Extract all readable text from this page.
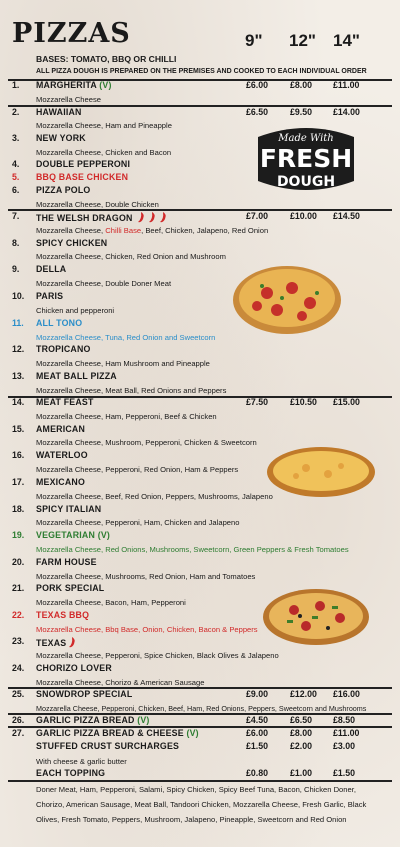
PIZZAS	9" 12" 14"
BASES: TOMATO, BBQ OR CHILLI
ALL PIZZA DOUGH IS PREPARED ON THE PREMISES AND COOKED TO EACH INDIVIDUAL ORDER
Made With
FRESH
DOUGH
1.	MARGHERITA (V)	£6.00 £8.00 £11.00
Mozzarella Cheese
2.	HAWAIIAN	£6.50 £9.50 £14.00
Mozzarella Cheese, Ham and Pineapple
3.	NEW YORK
Mozzarella Cheese, Chicken and Bacon
4.	DOUBLE PEPPERONI
5.	BBQ BASE CHICKEN
6.	PIZZA POLO
Mozzarella Cheese, Double Chicken
7.	THE WELSH DRAGON	£7.00 £10.00 £14.50
Mozzarella Cheese, Chilli Base, Beef, Chicken, Jalapeno, Red Onion
8.	SPICY CHICKEN
Mozzarella Cheese, Chicken, Red Onion and Mushroom
9.	DELLA
Mozzarella Cheese, Double Doner Meat
10.	PARIS
Chicken and pepperoni
11.	ALL TONO
Mozzarella Cheese, Tuna, Red Onion and Sweetcorn
12.	TROPICANO
Mozzarella Cheese, Ham Mushroom and Pineapple
13.	MEAT BALL PIZZA
Mozzarella Cheese, Meat Ball, Red Onions and Peppers
14.	MEAT FEAST	£7.50 £10.50 £15.00
Mozzarella Cheese, Ham, Pepperoni, Beef & Chicken
15.	AMERICAN
Mozzarella Cheese, Mushroom, Pepperoni, Chicken & Sweetcorn
16.	WATERLOO
Mozzarella Cheese, Pepperoni, Red Onion, Ham & Peppers
17.	MEXICANO
Mozzarella Cheese, Beef, Red Onion, Peppers, Mushrooms, Jalapeno
18.	SPICY ITALIAN
Mozzarella Cheese, Pepperoni, Ham, Chicken and Jalapeno
19.	VEGETARIAN (V)
Mozzarella Cheese, Red Onions, Mushrooms, Sweetcorn, Green Peppers & Fresh Tomatoes
20.	FARM HOUSE
Mozzarella Cheese, Mushrooms, Red Onion, Ham and Tomatoes
21.	PORK SPECIAL
Mozzarella Cheese, Bacon, Ham, Pepperoni
22.	TEXAS BBQ
Mozzarella Cheese, Bbq Base, Onion, Chicken, Bacon & Peppers
23.	TEXAS
Mozzarella Cheese, Pepperoni, Spice Chicken, Black Olives & Jalapeno
24.	CHORIZO LOVER
Mozzarella Cheese, Chorizo & American Sausage
25.	SNOWDROP SPECIAL	£9.00 £12.00 £16.00
Mozzarella Cheese, Pepperoni, Chicken, Beef, Ham, Red Onions, Peppers, Sweetcorn and Mushrooms
26.	GARLIC PIZZA BREAD (V)	£4.50 £6.50 £8.50
27.	GARLIC PIZZA BREAD & CHEESE (V)	£6.00 £8.00 £11.00
STUFFED CRUST SURCHARGES	£1.50 £2.00 £3.00
With cheese & garlic butter
EACH TOPPING	£0.80 £1.00 £1.50
Doner Meat, Ham, Pepperoni, Salami, Spicy Chicken, Spicy Beef Tuna, Bacon, Chicken Doner, Chorizo, American Sausage, Meat Ball, Tandoori Chicken, Mozzarella Cheese, Fresh Garlic, Black Olives, Fresh Tomato, Peppers, Mushroom, Jalapeno, Pineapple, Sweetcorn and Red Onion
